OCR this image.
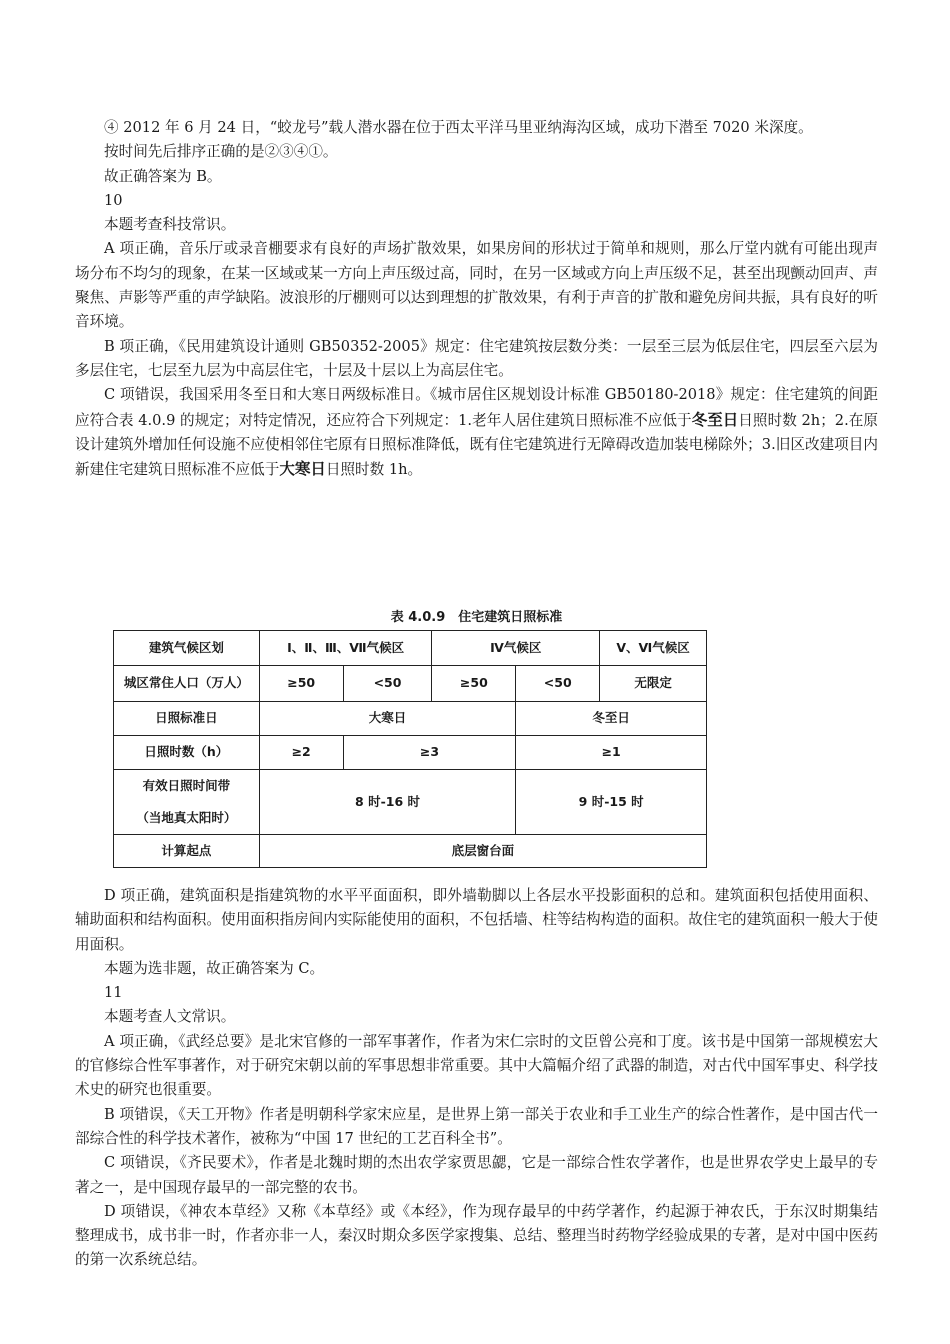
④ 2012 年 6 月 24 日，“蛟龙号”载人潜水器在位于西太平洋马里亚纳海沟区域，成功下潜至 7020 米深度。

按时间先后排序正确的是②③④①。

故正确答案为 B。

10

本题考查科技常识。

A 项正确，音乐厅或录音棚要求有良好的声场扩散效果，如果房间的形状过于简单和规则，那么厅堂内就有可能出现声场分布不均匀的现象，在某一区域或某一方向上声压级过高，同时，在另一区域或方向上声压级不足，甚至出现颤动回声、声聚焦、声影等严重的声学缺陷。波浪形的厅棚则可以达到理想的扩散效果，有利于声音的扩散和避免房间共振，具有良好的听音环境。

B 项正确，《民用建筑设计通则 GB50352-2005》规定：住宅建筑按层数分类：一层至三层为低层住宅，四层至六层为多层住宅，七层至九层为中高层住宅，十层及十层以上为高层住宅。

C 项错误，我国采用冬至日和大寒日两级标准日。《城市居住区规划设计标准 GB50180-2018》规定：住宅建筑的间距应符合表 4.0.9 的规定；对特定情况，还应符合下列规定：1.老年人居住建筑日照标准不应低于冬至日日照时数 2h；2.在原设计建筑外增加任何设施不应使相邻住宅原有日照标准降低，既有住宅建筑进行无障碍改造加装电梯除外；3.旧区改建项目内新建住宅建筑日照标准不应低于大寒日日照时数 1h。

表 4.0.9　住宅建筑日照标准
建筑气候区划	Ⅰ、Ⅱ、Ⅲ、Ⅶ气候区		Ⅳ气候区		Ⅴ、Ⅵ气候区
城区常住人口（万人）	≥50	<50	≥50	<50	无限定
日照标准日	大寒日			冬至日	
日照时数（h）	≥2	≥3		≥1	

有效日照时间带
（当地真太阳时）	8 时-16 时			9 时-15 时	
计算起点	底层窗台面				

D 项正确，建筑面积是指建筑物的水平平面面积，即外墙勒脚以上各层水平投影面积的总和。建筑面积包括使用面积、辅助面积和结构面积。使用面积指房间内实际能使用的面积，不包括墙、柱等结构构造的面积。故住宅的建筑面积一般大于使用面积。

本题为选非题，故正确答案为 C。

11

本题考查人文常识。

A 项正确，《武经总要》是北宋官修的一部军事著作，作者为宋仁宗时的文臣曾公亮和丁度。该书是中国第一部规模宏大的官修综合性军事著作，对于研究宋朝以前的军事思想非常重要。其中大篇幅介绍了武器的制造，对古代中国军事史、科学技术史的研究也很重要。

B 项错误，《天工开物》作者是明朝科学家宋应星，是世界上第一部关于农业和手工业生产的综合性著作，是中国古代一部综合性的科学技术著作，被称为“中国 17 世纪的工艺百科全书”。

C 项错误，《齐民要术》，作者是北魏时期的杰出农学家贾思勰，它是一部综合性农学著作，也是世界农学史上最早的专著之一，是中国现存最早的一部完整的农书。

D 项错误，《神农本草经》又称《本草经》或《本经》，作为现存最早的中药学著作，约起源于神农氏，于东汉时期集结整理成书，成书非一时，作者亦非一人，秦汉时期众多医学家搜集、总结、整理当时药物学经验成果的专著，是对中国中医药的第一次系统总结。
